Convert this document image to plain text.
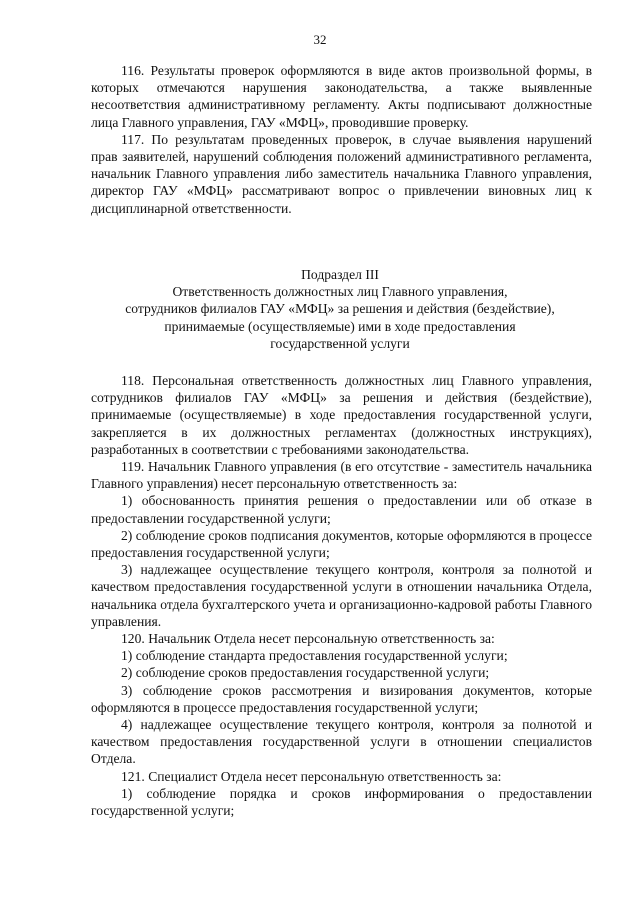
32

116. Результаты проверок оформляются в виде актов произвольной формы, в которых отмечаются нарушения законодательства, а также выявленные несоответствия административному регламенту. Акты подписывают должностные лица Главного управления, ГАУ «МФЦ», проводившие проверку.

117. По результатам проведенных проверок, в случае выявления нарушений прав заявителей, нарушений соблюдения положений административного регламента, начальник Главного управления либо заместитель начальника Главного управления, директор ГАУ «МФЦ» рассматривают вопрос о привлечении виновных лиц к дисциплинарной ответственности.

Подраздел III
Ответственность должностных лиц Главного управления,
сотрудников филиалов ГАУ «МФЦ» за решения и действия (бездействие),
принимаемые (осуществляемые) ими в ходе предоставления
государственной услуги

118. Персональная ответственность должностных лиц Главного управления, сотрудников филиалов ГАУ «МФЦ» за решения и действия (бездействие), принимаемые (осуществляемые) в ходе предоставления государственной услуги, закрепляется в их должностных регламентах (должностных инструкциях), разработанных в соответствии с требованиями законодательства.

119. Начальник Главного управления (в его отсутствие - заместитель начальника Главного управления) несет персональную ответственность за:

1) обоснованность принятия решения о предоставлении или об отказе в предоставлении государственной услуги;

2) соблюдение сроков подписания документов, которые оформляются в процессе предоставления государственной услуги;

3) надлежащее осуществление текущего контроля, контроля за полнотой и качеством предоставления государственной услуги в отношении начальника Отдела, начальника отдела бухгалтерского учета и организационно-кадровой работы Главного управления.

120. Начальник Отдела несет персональную ответственность за:

1) соблюдение стандарта предоставления государственной услуги;

2) соблюдение сроков предоставления государственной услуги;

3) соблюдение сроков рассмотрения и визирования документов, которые оформляются в процессе предоставления государственной услуги;

4) надлежащее осуществление текущего контроля, контроля за полнотой и качеством предоставления государственной услуги в отношении специалистов Отдела.

121. Специалист Отдела несет персональную ответственность за:

1) соблюдение порядка и сроков информирования о предоставлении государственной услуги;
